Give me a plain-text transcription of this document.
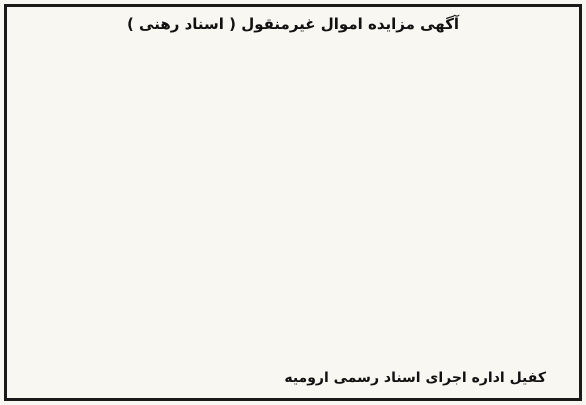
آگهی مزایده اموال غیرمنقول ( اسناد رهنی )
کفیل اداره اجرای اسناد رسمی ارومیه
